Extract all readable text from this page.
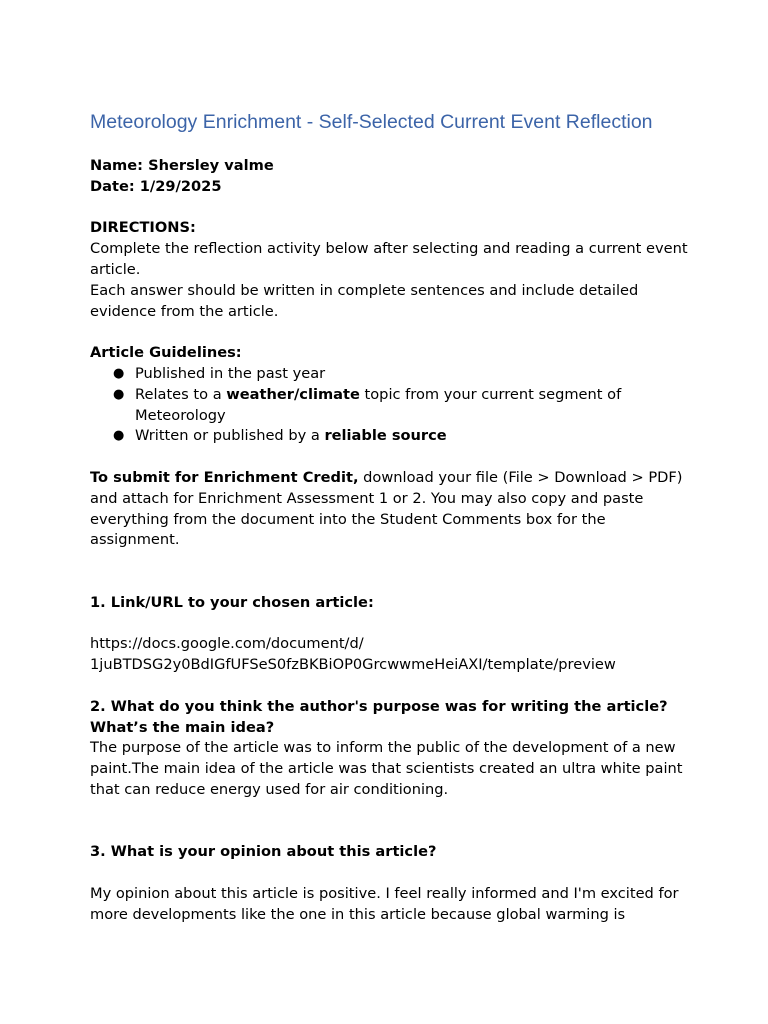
Meteorology Enrichment - Self-Selected Current Event Reflection
Name: Shersley valme
Date: 1/29/2025
DIRECTIONS:
Complete the reflection activity below after selecting and reading a current event article.
Each answer should be written in complete sentences and include detailed evidence from the article.
Article Guidelines:
● Published in the past year
● Relates to a weather/climate topic from your current segment of Meteorology
● Written or published by a reliable source
To submit for Enrichment Credit, download your file (File > Download > PDF) and attach for Enrichment Assessment 1 or 2. You may also copy and paste everything from the document into the Student Comments box for the assignment.
1. Link/URL to your chosen article:
https://docs.google.com/document/d/
1juBTDSG2y0BdIGfUFSeS0fzBKBiOP0GrcwwmeHeiAXI/template/preview
2. What do you think the author's purpose was for writing the article? What’s the main idea?
The purpose of the article was to inform the public of the development of a new paint.The main idea of the article was that scientists created an ultra white paint that can reduce energy used for air conditioning.
3. What is your opinion about this article?
My opinion about this article is positive. I feel really informed and I'm excited for more developments like the one in this article because global warming is
